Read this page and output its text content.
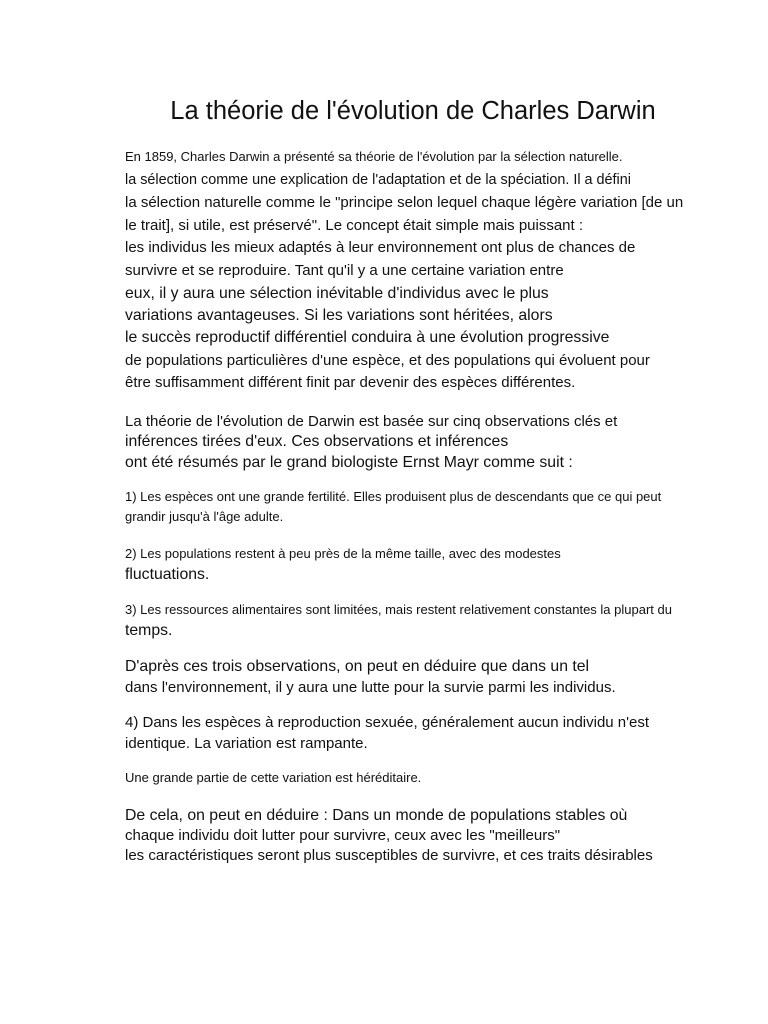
La théorie de l'évolution de Charles Darwin

En 1859, Charles Darwin a présenté sa théorie de l'évolution par la sélection naturelle.

la sélection comme une explication de l'adaptation et de la spéciation. Il a défini

la sélection naturelle comme le "principe selon lequel chaque légère variation [de un

le trait], si utile, est préservé". Le concept était simple mais puissant :

les individus les mieux adaptés à leur environnement ont plus de chances de

survivre et se reproduire. Tant qu'il y a une certaine variation entre

eux, il y aura une sélection inévitable d'individus avec le plus

variations avantageuses. Si les variations sont héritées, alors

le succès reproductif différentiel conduira à une évolution progressive

de populations particulières d'une espèce, et des populations qui évoluent pour

être suffisamment différent finit par devenir des espèces différentes.

La théorie de l'évolution de Darwin est basée sur cinq observations clés et

inférences tirées d'eux. Ces observations et inférences

ont été résumés par le grand biologiste Ernst Mayr comme suit :

1) Les espèces ont une grande fertilité. Elles produisent plus de descendants que ce qui peut

grandir jusqu'à l'âge adulte.

2) Les populations restent à peu près de la même taille, avec des modestes

fluctuations.

3) Les ressources alimentaires sont limitées, mais restent relativement constantes la plupart du

temps.

D'après ces trois observations, on peut en déduire que dans un tel

dans l'environnement, il y aura une lutte pour la survie parmi les individus.

4) Dans les espèces à reproduction sexuée, généralement aucun individu n'est

identique. La variation est rampante.

Une grande partie de cette variation est héréditaire.

De cela, on peut en déduire : Dans un monde de populations stables où

chaque individu doit lutter pour survivre, ceux avec les "meilleurs"

les caractéristiques seront plus susceptibles de survivre, et ces traits désirables
